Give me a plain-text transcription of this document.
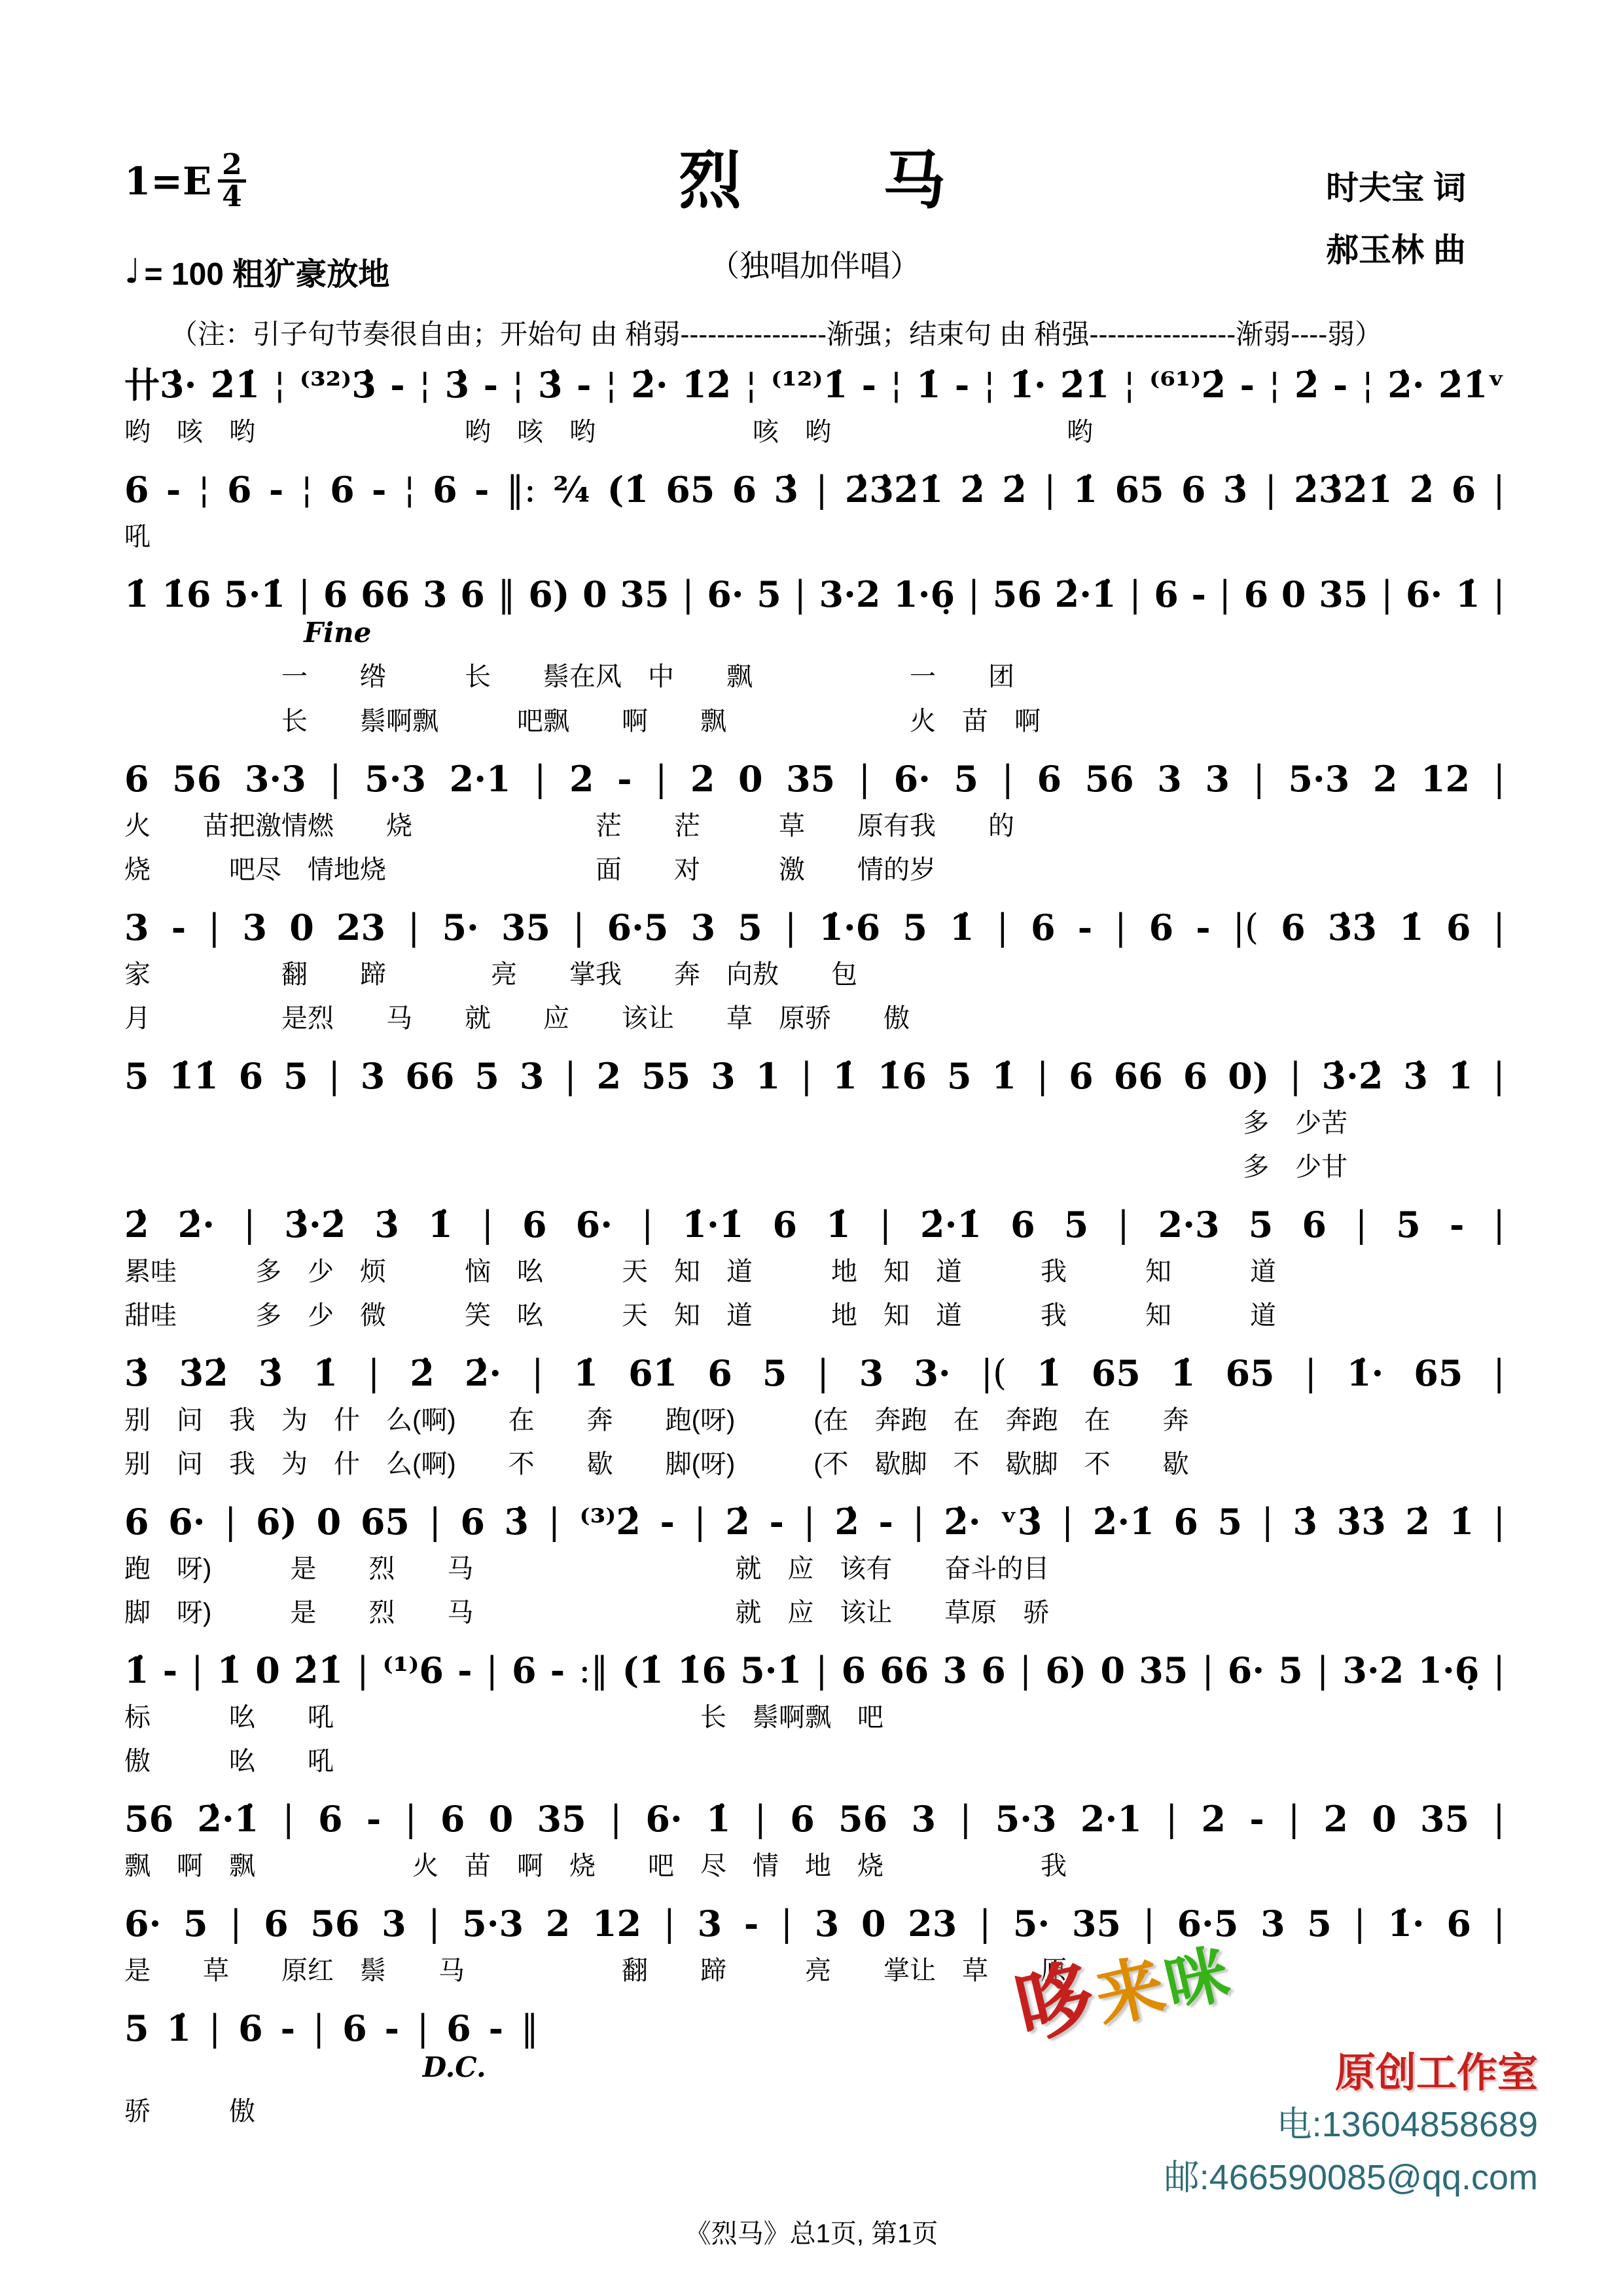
$1=E \frac{2}{4}$	烈　　马
（独唱加伴唱）
时夫宝 词
郝玉林 曲
♩ = 100 粗犷豪放地
（注：引子句节奏很自由；开始句 由 稍弱----------------渐强；结束句 由 稍强----------------渐弱----弱）
卄3̇· 2̇1̇ ¦ ⁽³²⁾3̇ - ¦ 3̇ - ¦ 3̇ - ¦ 2̇· 1̇2̇ ¦ ⁽¹²⁾1̇ - ¦ 1̇ - ¦ 1̇· 2̇1̇ ¦ ⁽⁶¹⁾2̇ - ¦ 2̇ - ¦ 2̇· 2̇1̇ᵛ
哟　咳　哟　　　　　　　　哟　咳　哟　　　　　　咳　哟　　　　　　　　　哟
6 - ¦ 6 - ¦ 6 - ¦ 6 - ‖: ²⁄₄ (1̇ 65 6 3̇ | 2̇3̇2̇1̇ 2̇ 2̇ | 1̇ 65 6 3̇ | 2̇3̇2̇1̇ 2̇ 6 |
吼
1̇ 1̇6 5·1̇ | 6 66 3 6 ‖ 6) 0 35 | 6· 5 | 3·2 1·6̣ | 56 2̇·1̇ | 6 - | 6 0 35 | 6· 1̇ |
Fine
　　　　　　一　　绺　　　长　　鬃在风　中　　飘　　　　　　一　　团
　　　　　　长　　鬃啊飘　　　吧飘　　啊　　飘　　　　　　　火　苗　啊
6 56 3·3 | 5·3 2·1 | 2 - | 2 0 35 | 6· 5 | 6 56 3 3 | 5·3 2 12 |
火　　苗把激情燃　　烧　　　　　　　茫　　茫　　　草　　原有我　　的
烧　　　吧尽　情地烧　　　　　　　　面　　对　　　激　　情的岁
3 - | 3 0 23 | 5· 35 | 6·5 3 5 | 1̇·6 5 1̇ | 6 - | 6 - |( 6 3̇3̇ 1̇ 6 |
家　　　　　翻　　蹄　　　　亮　　掌我　　奔　向敖　　包
月　　　　　是烈　　马　　就　　应　　该让　　草　原骄　　傲
5 1̇1̇ 6 5 | 3 66 5 3 | 2 55 3 1 | 1̇ 1̇6 5 1̇ | 6 66 6 0) | 3̇·2̇ 3̇ 1̇ |
多　少苦
多　少甘
2̇ 2̇· | 3̇·2̇ 3̇ 1̇ | 6 6· | 1̇·1̇ 6 1̇ | 2̇·1̇ 6 5 | 2·3 5 6 | 5 - |
累哇　　　多　少　烦　　　恼　吆　　　天　知　道　　　地　知　道　　　我　　　知　　　道
甜哇　　　多　少　微　　　笑　吆　　　天　知　道　　　地　知　道　　　我　　　知　　　道
3̇ 3̇2̇ 3̇ 1̇ | 2̇ 2̇· | 1̇ 61̇ 6 5 | 3 3· |( 1̇ 65 1̇ 65 | 1̇· 65 |
别　问　我　为　什　么(啊)　　在　　奔　　跑(呀)　　　(在　奔跑　在　奔跑　在　　奔
别　问　我　为　什　么(啊)　　不　　歇　　脚(呀)　　　(不　歇脚　不　歇脚　不　　歇
6 6· | 6) 0 65 | 6 3̇ | ⁽³⁾2̇ - | 2̇ - | 2̇ - | 2̇· ᵛ3̇ | 2̇·1̇ 6 5 | 3̇ 3̇3̇ 2̇ 1̇ |
跑　呀)　　　是　　烈　　马　　　　　　　　　　就　应　该有　　奋斗的目
脚　呀)　　　是　　烈　　马　　　　　　　　　　就　应　该让　　草原　骄
1̇ - | 1̇ 0 2̇1̇ | ⁽¹⁾6 - | 6 - :‖ (1̇ 1̇6 5·1̇ | 6 66 3 6 | 6) 0 35 | 6· 5 | 3·2 1·6̣ |
标　　　吆　　吼　　　　　　　　　　　　　　长　鬃啊飘　吧
傲　　　吆　　吼
56 2̇·1̇ | 6 - | 6 0 35 | 6· 1̇ | 6 56 3 | 5·3 2·1 | 2 - | 2 0 35 |
飘　啊　飘　　　　　　火　苗　啊　烧　　吧　尽　情　地　烧　　　　　　我
6· 5 | 6 56 3 | 5·3 2 12 | 3 - | 3 0 23 | 5· 35 | 6·5 3 5 | 1̇· 6 |
是　　草　　原红　鬃　　马　　　　　　翻　　蹄　　　亮　　掌让　草　　原
5 1̇ | 6 - | 6 - | 6 - ‖
D.C.
骄　　　傲
哆
来
咪
原创工作室
电:13604858689
邮:466590085@qq.com
《烈马》总1页, 第1页
